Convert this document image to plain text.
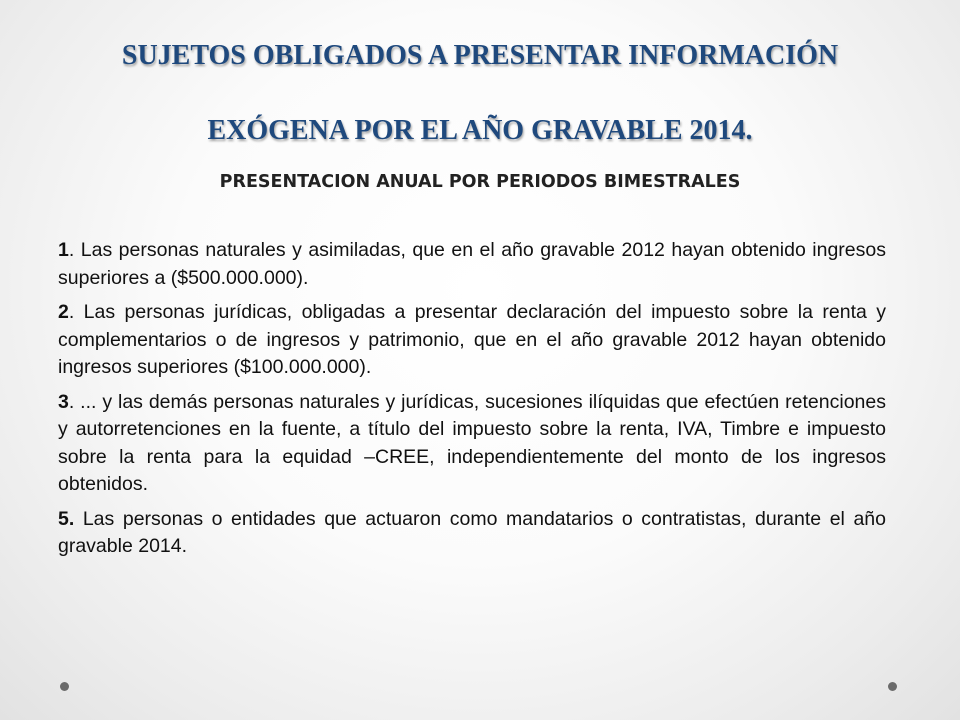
SUJETOS OBLIGADOS A PRESENTAR INFORMACIÓN
EXÓGENA POR EL AÑO GRAVABLE 2014.
PRESENTACION ANUAL POR PERIODOS BIMESTRALES
1. Las personas naturales y asimiladas, que en el año gravable 2012 hayan obtenido ingresos superiores a ($500.000.000).
2. Las personas jurídicas, obligadas a presentar declaración del impuesto sobre la renta y complementarios o de ingresos y patrimonio, que en el año gravable 2012 hayan obtenido ingresos superiores ($100.000.000).
3. ... y las demás personas naturales y jurídicas, sucesiones ilíquidas que efectúen retenciones y autorretenciones en la fuente, a título del impuesto sobre la renta, IVA, Timbre e impuesto sobre la renta para la equidad –CREE, independientemente del monto de los ingresos obtenidos.
5. Las personas o entidades que actuaron como mandatarios o contratistas, durante el año gravable 2014.
